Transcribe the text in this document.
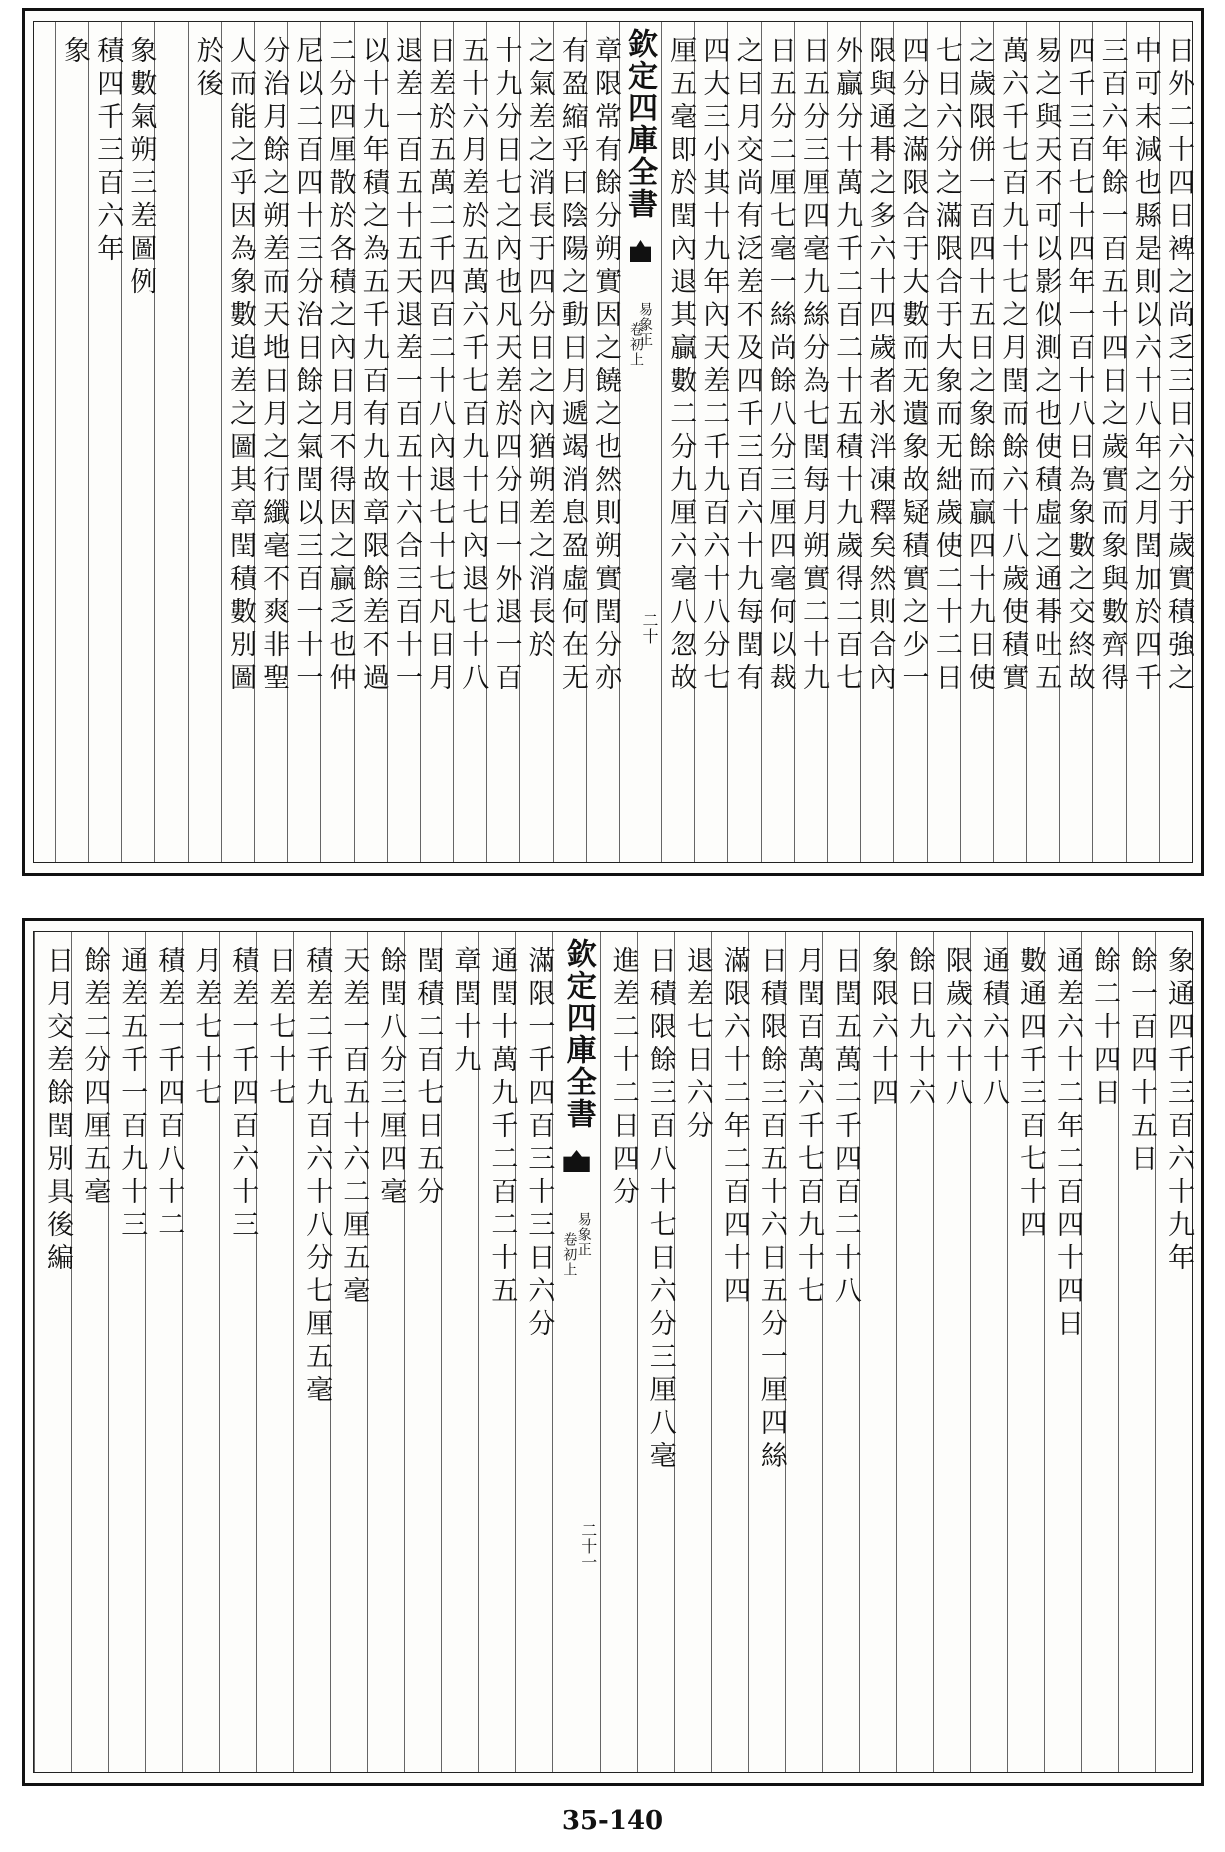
日外二十四日裨之尚乏三日六分于歲實積強之
中可末減也縣是則以六十八年之月閏加於四千
三百六年餘一百五十四日之歲實而象與數齊得
四千三百七十四年一百十八日為象數之交終故
易之與天不可以影似測之也使積虛之通朞吐五
萬六千七百九十七之月閏而餘六十八歲使積實
之歲限併一百四十五日之象餘而贏四十九日使
七日六分之滿限合于大象而无絀歲使二十二日
四分之滿限合于大數而无遺象故疑積實之少一
限與通朞之多六十四歲者氷泮凍釋矣然則合內
外贏分十萬九千二百二十五積十九歲得二百七
日五分三厘四毫九絲分為七閏每月朔實二十九
日五分二厘七毫一絲尚餘八分三厘四毫何以裁
之曰月交尚有泛差不及四千三百六十九每閏有
四大三小其十九年內天差二千九百六十八分七
厘五毫即於閏內退其贏數二分九厘六毫八忽故
欽定四庫全書
易象正
卷初上
二十
章限常有餘分朔實因之饒之也然則朔實閏分亦
有盈縮乎曰陰陽之動日月遞竭消息盈虛何在无
之氣差之消長于四分日之內猶朔差之消長於
十九分日七之內也凡天差於四分日一外退一百
五十六月差於五萬六千七百九十七內退七十八
日差於五萬二千四百二十八內退七十七凡日月
退差一百五十五天退差一百五十六合三百十一
以十九年積之為五千九百有九故章限餘差不過
二分四厘散於各積之內日月不得因之贏乏也仲
尼以二百四十三分治日餘之氣閏以三百一十一
分治月餘之朔差而天地日月之行纖毫不爽非聖
人而能之乎因為象數追差之圖其章閏積數別圖
於後
象數氣朔三差圖例
積四千三百六年
象
象通四千三百六十九年
餘一百四十五日
餘二十四日
通差六十二年二百四十四日
數通四千三百七十四
通積六十八
限歲六十八
餘日九十六
象限六十四
日閏五萬二千四百二十八
月閏百萬六千七百九十七
日積限餘三百五十六日五分一厘四絲
滿限六十二年二百四十四
退差七日六分
日積限餘三百八十七日六分三厘八毫
進差二十二日四分
欽定四庫全書
易象正
卷初上
二十一
滿限一千四百三十三日六分
通閏十萬九千二百二十五
章閏十九
閏積二百七日五分
餘閏八分三厘四毫
天差一百五十六二厘五毫
積差二千九百六十八分七厘五毫
日差七十七
積差一千四百六十三
月差七十七
積差一千四百八十二
通差五千一百九十三
餘差二分四厘五毫
日月交差餘閏別具後編
35-140
